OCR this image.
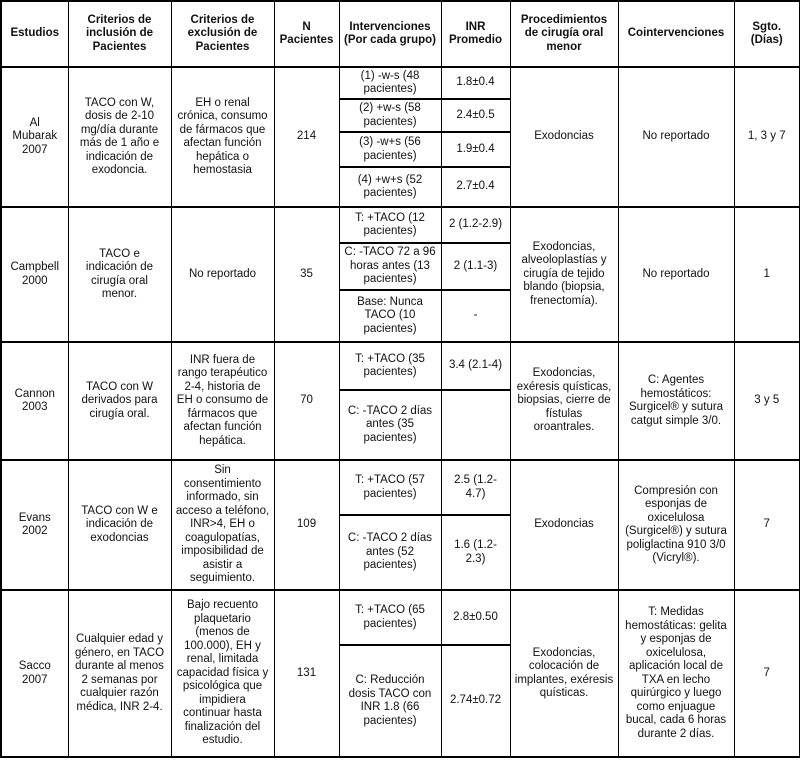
Estudios	Criterios de inclusión de Pacientes	Criterios de exclusión de Pacientes	N Pacientes	Intervenciones (Por cada grupo)	INR Promedio	Procedimientos de cirugía oral menor	Cointervenciones	Sgto. (Días)
Al Mubarak 2007	TACO con W, dosis de 2-10 mg/día durante más de 1 año e indicación de exodoncia.	EH o renal crónica, consumo de fármacos que afectan función hepática o hemostasia	214	(1) -w-s (48 pacientes)	1.8±0.4	Exodoncias	No reportado	1, 3 y 7
				(2) +w-s (58 pacientes)	2.4±0.5			
				(3) -w+s (56 pacientes)	1.9±0.4			
				(4) +w+s (52 pacientes)	2.7±0.4			
Campbell 2000	TACO e indicación de cirugía oral menor.	No reportado	35	T: +TACO (12 pacientes)	2 (1.2-2.9)	Exodoncias, alveoloplastías y cirugía de tejido blando (biopsia, frenectomía).	No reportado	1
				C: -TACO 72 a 96 horas antes (13 pacientes)	2 (1.1-3)			
				Base: Nunca TACO (10 pacientes)	-			
Cannon 2003	TACO con W derivados para cirugía oral.	INR fuera de rango terapéutico 2-4, historia de EH o consumo de fármacos que afectan función hepática.	70	T: +TACO (35 pacientes)	3.4 (2.1-4)	Exodoncias, exéresis quísticas, biopsias, cierre de fístulas oroantrales.	C: Agentes hemostáticos: Surgicel® y sutura catgut simple 3/0.	3 y 5
				C: -TACO 2 días antes (35 pacientes)				
Evans 2002	TACO con W e indicación de exodoncias	Sin consentimiento informado, sin acceso a teléfono, INR>4, EH o coagulopatías, imposibilidad de asistir a seguimiento.	109	T: +TACO (57 pacientes)	2.5 (1.2-4.7)	Exodoncias	Compresión con esponjas de oxicelulosa (Surgicel®) y sutura poliglactina 910 3/0 (Vicryl®).	7
				C: -TACO 2 días antes (52 pacientes)	1.6 (1.2-2.3)			
Sacco 2007	Cualquier edad y género, en TACO durante al menos 2 semanas por cualquier razón médica, INR 2-4.	Bajo recuento plaquetario (menos de 100.000), EH y renal, limitada capacidad física y psicológica que impidiera continuar hasta finalización del estudio.	131	T: +TACO (65 pacientes)	2.8±0.50	Exodoncias, colocación de implantes, exéresis quísticas.	T: Medidas hemostáticas: gelita y esponjas de oxicelulosa, aplicación local de TXA en lecho quirúrgico y luego como enjuague bucal, cada 6 horas durante 2 días.	7
				C: Reducción dosis TACO con INR 1.8 (66 pacientes)	2.74±0.72			
